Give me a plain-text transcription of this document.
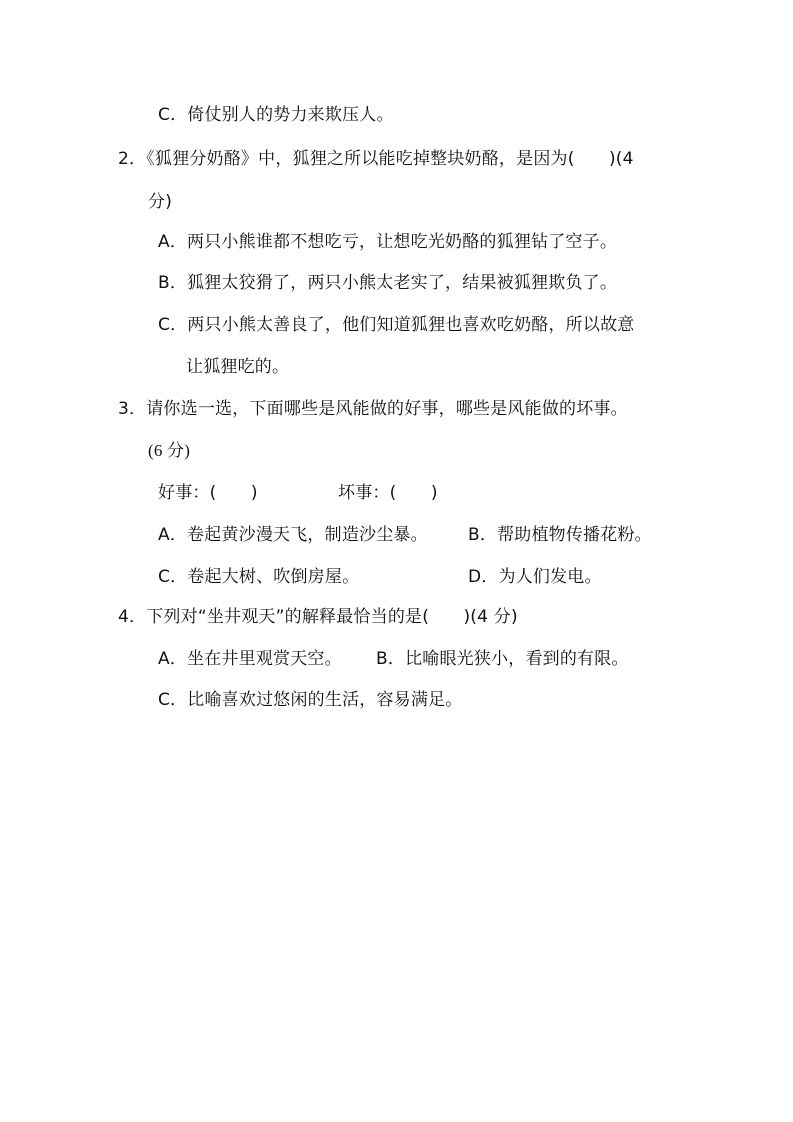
C．倚仗别人的势力来欺压人。
2．《狐狸分奶酪》中，狐狸之所以能吃掉整块奶酪，是因为(　　)(4
分)
A．两只小熊谁都不想吃亏，让想吃光奶酪的狐狸钻了空子。
B．狐狸太狡猾了，两只小熊太老实了，结果被狐狸欺负了。
C．两只小熊太善良了，他们知道狐狸也喜欢吃奶酪，所以故意
让狐狸吃的。
3．请你选一选，下面哪些是风能做的好事，哪些是风能做的坏事。
(6 分)
好事：(　　)	坏事：(　　)
A．卷起黄沙漫天飞，制造沙尘暴。 B．帮助植物传播花粉。
C．卷起大树、吹倒房屋。	D．为人们发电。
4．下列对“坐井观天”的解释最恰当的是(　　)(4 分)
A．坐在井里观赏天空。 B．比喻眼光狭小，看到的有限。
C．比喻喜欢过悠闲的生活，容易满足。
